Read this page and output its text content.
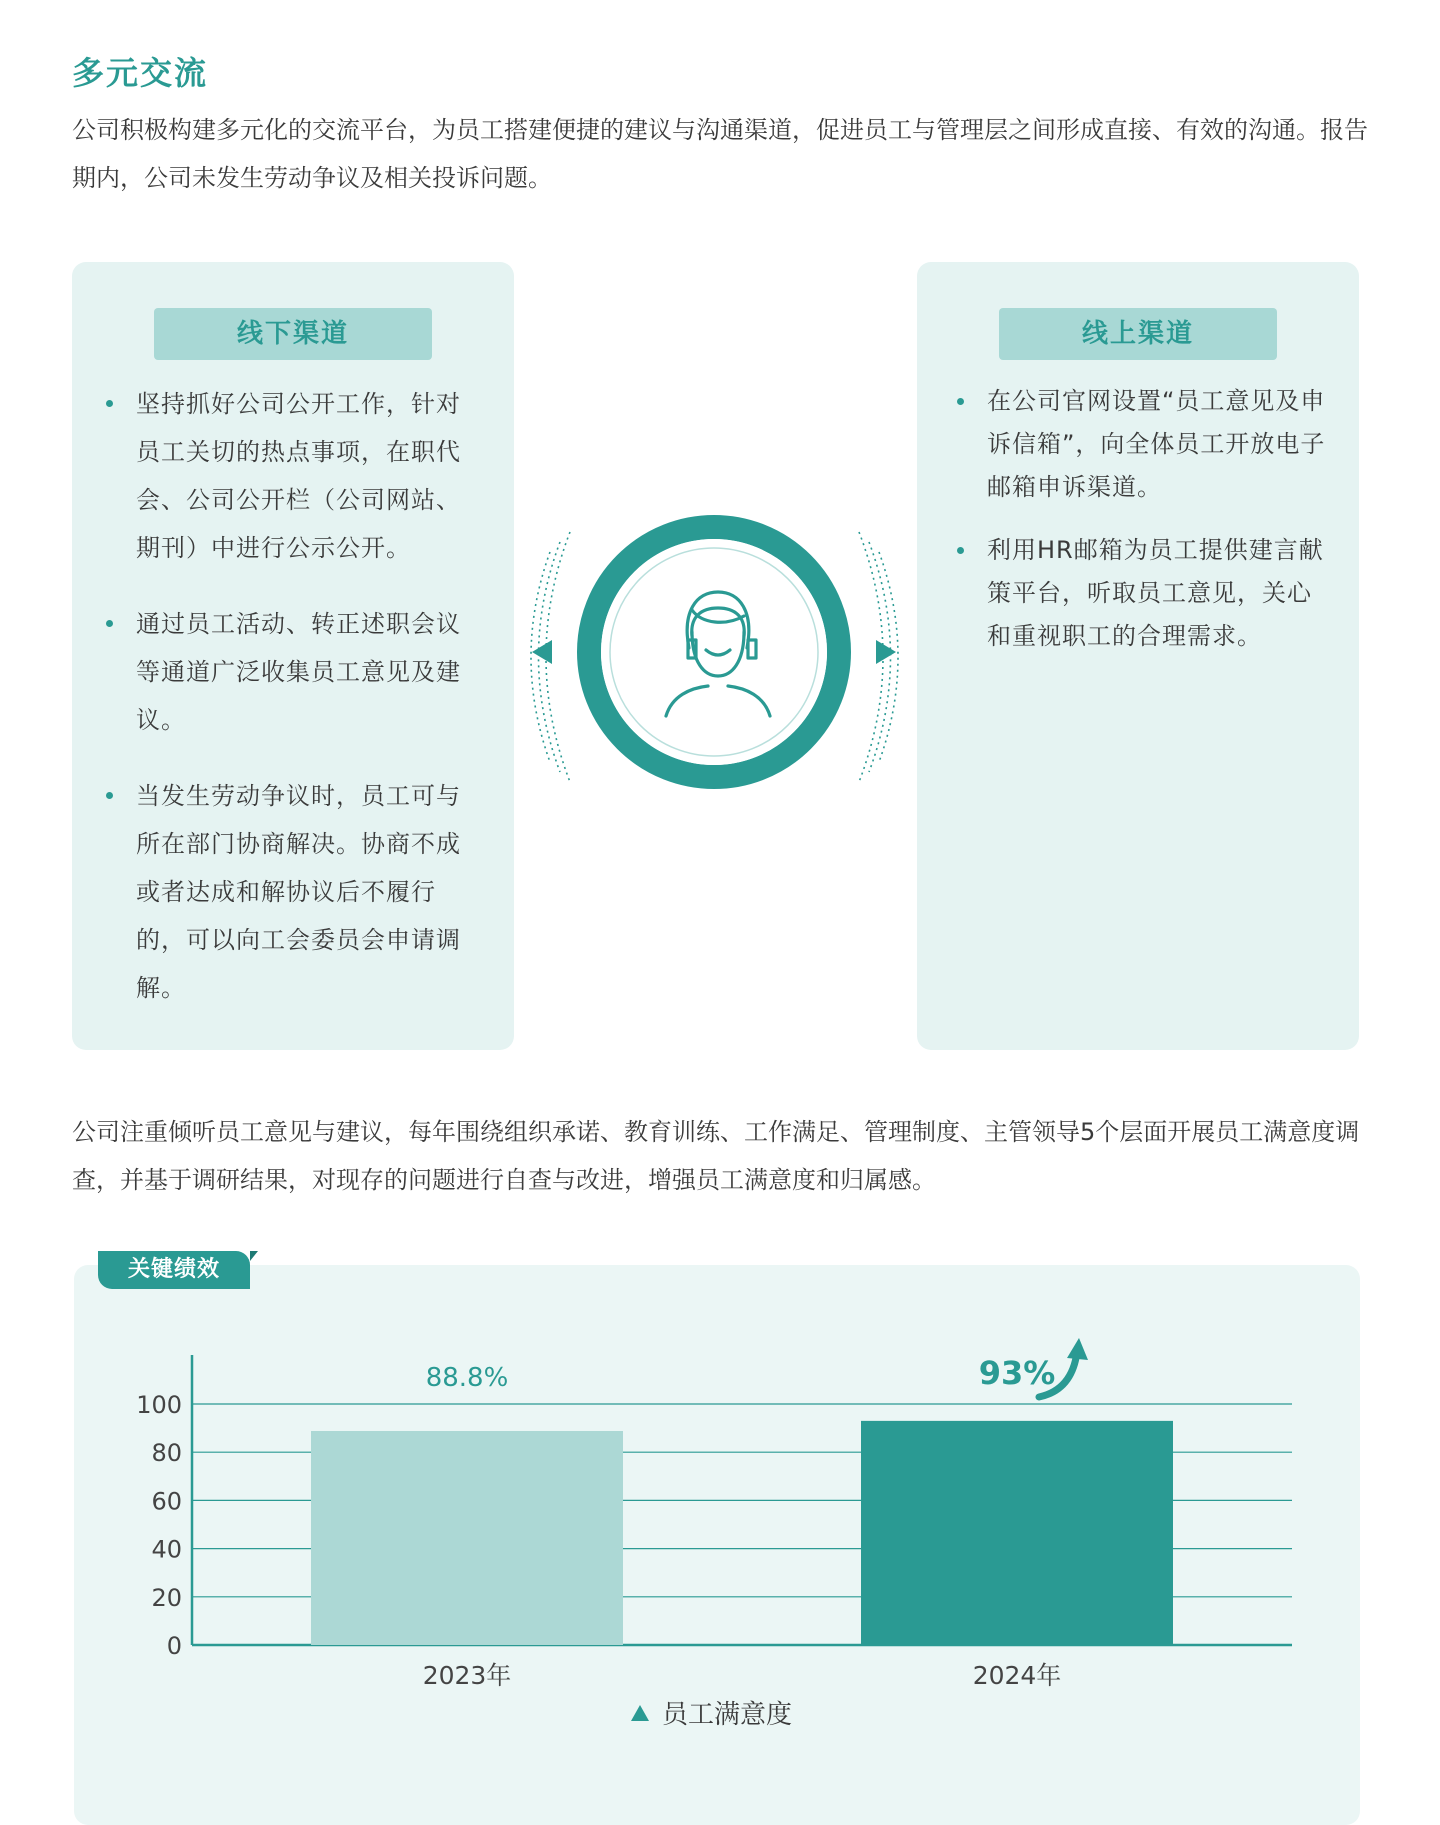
多元交流

公司积极构建多元化的交流平台，为员工搭建便捷的建议与沟通渠道，促进员工与管理层之间形成直接、有效的沟通。报告期内，公司未发生劳动争议及相关投诉问题。

线下渠道
坚持抓好公司公开工作，针对员工关切的热点事项，在职代会、公司公开栏（公司网站、期刊）中进行公示公开。
通过员工活动、转正述职会议等通道广泛收集员工意见及建议。
当发生劳动争议时，员工可与所在部门协商解决。协商不成或者达成和解协议后不履行的，可以向工会委员会申请调解。
线上渠道
在公司官网设置“员工意见及申诉信箱”，向全体员工开放电子邮箱申诉渠道。
利用HR邮箱为员工提供建言献策平台，听取员工意见，关心和重视职工的合理需求。

公司注重倾听员工意见与建议，每年围绕组织承诺、教育训练、工作满足、管理制度、主管领导5个层面开展员工满意度调查，并基于调研结果，对现存的问题进行自查与改进，增强员工满意度和归属感。

关键绩效
0
20
40
60
80
100
2023年
88.8%
2024年
93%
员工满意度
